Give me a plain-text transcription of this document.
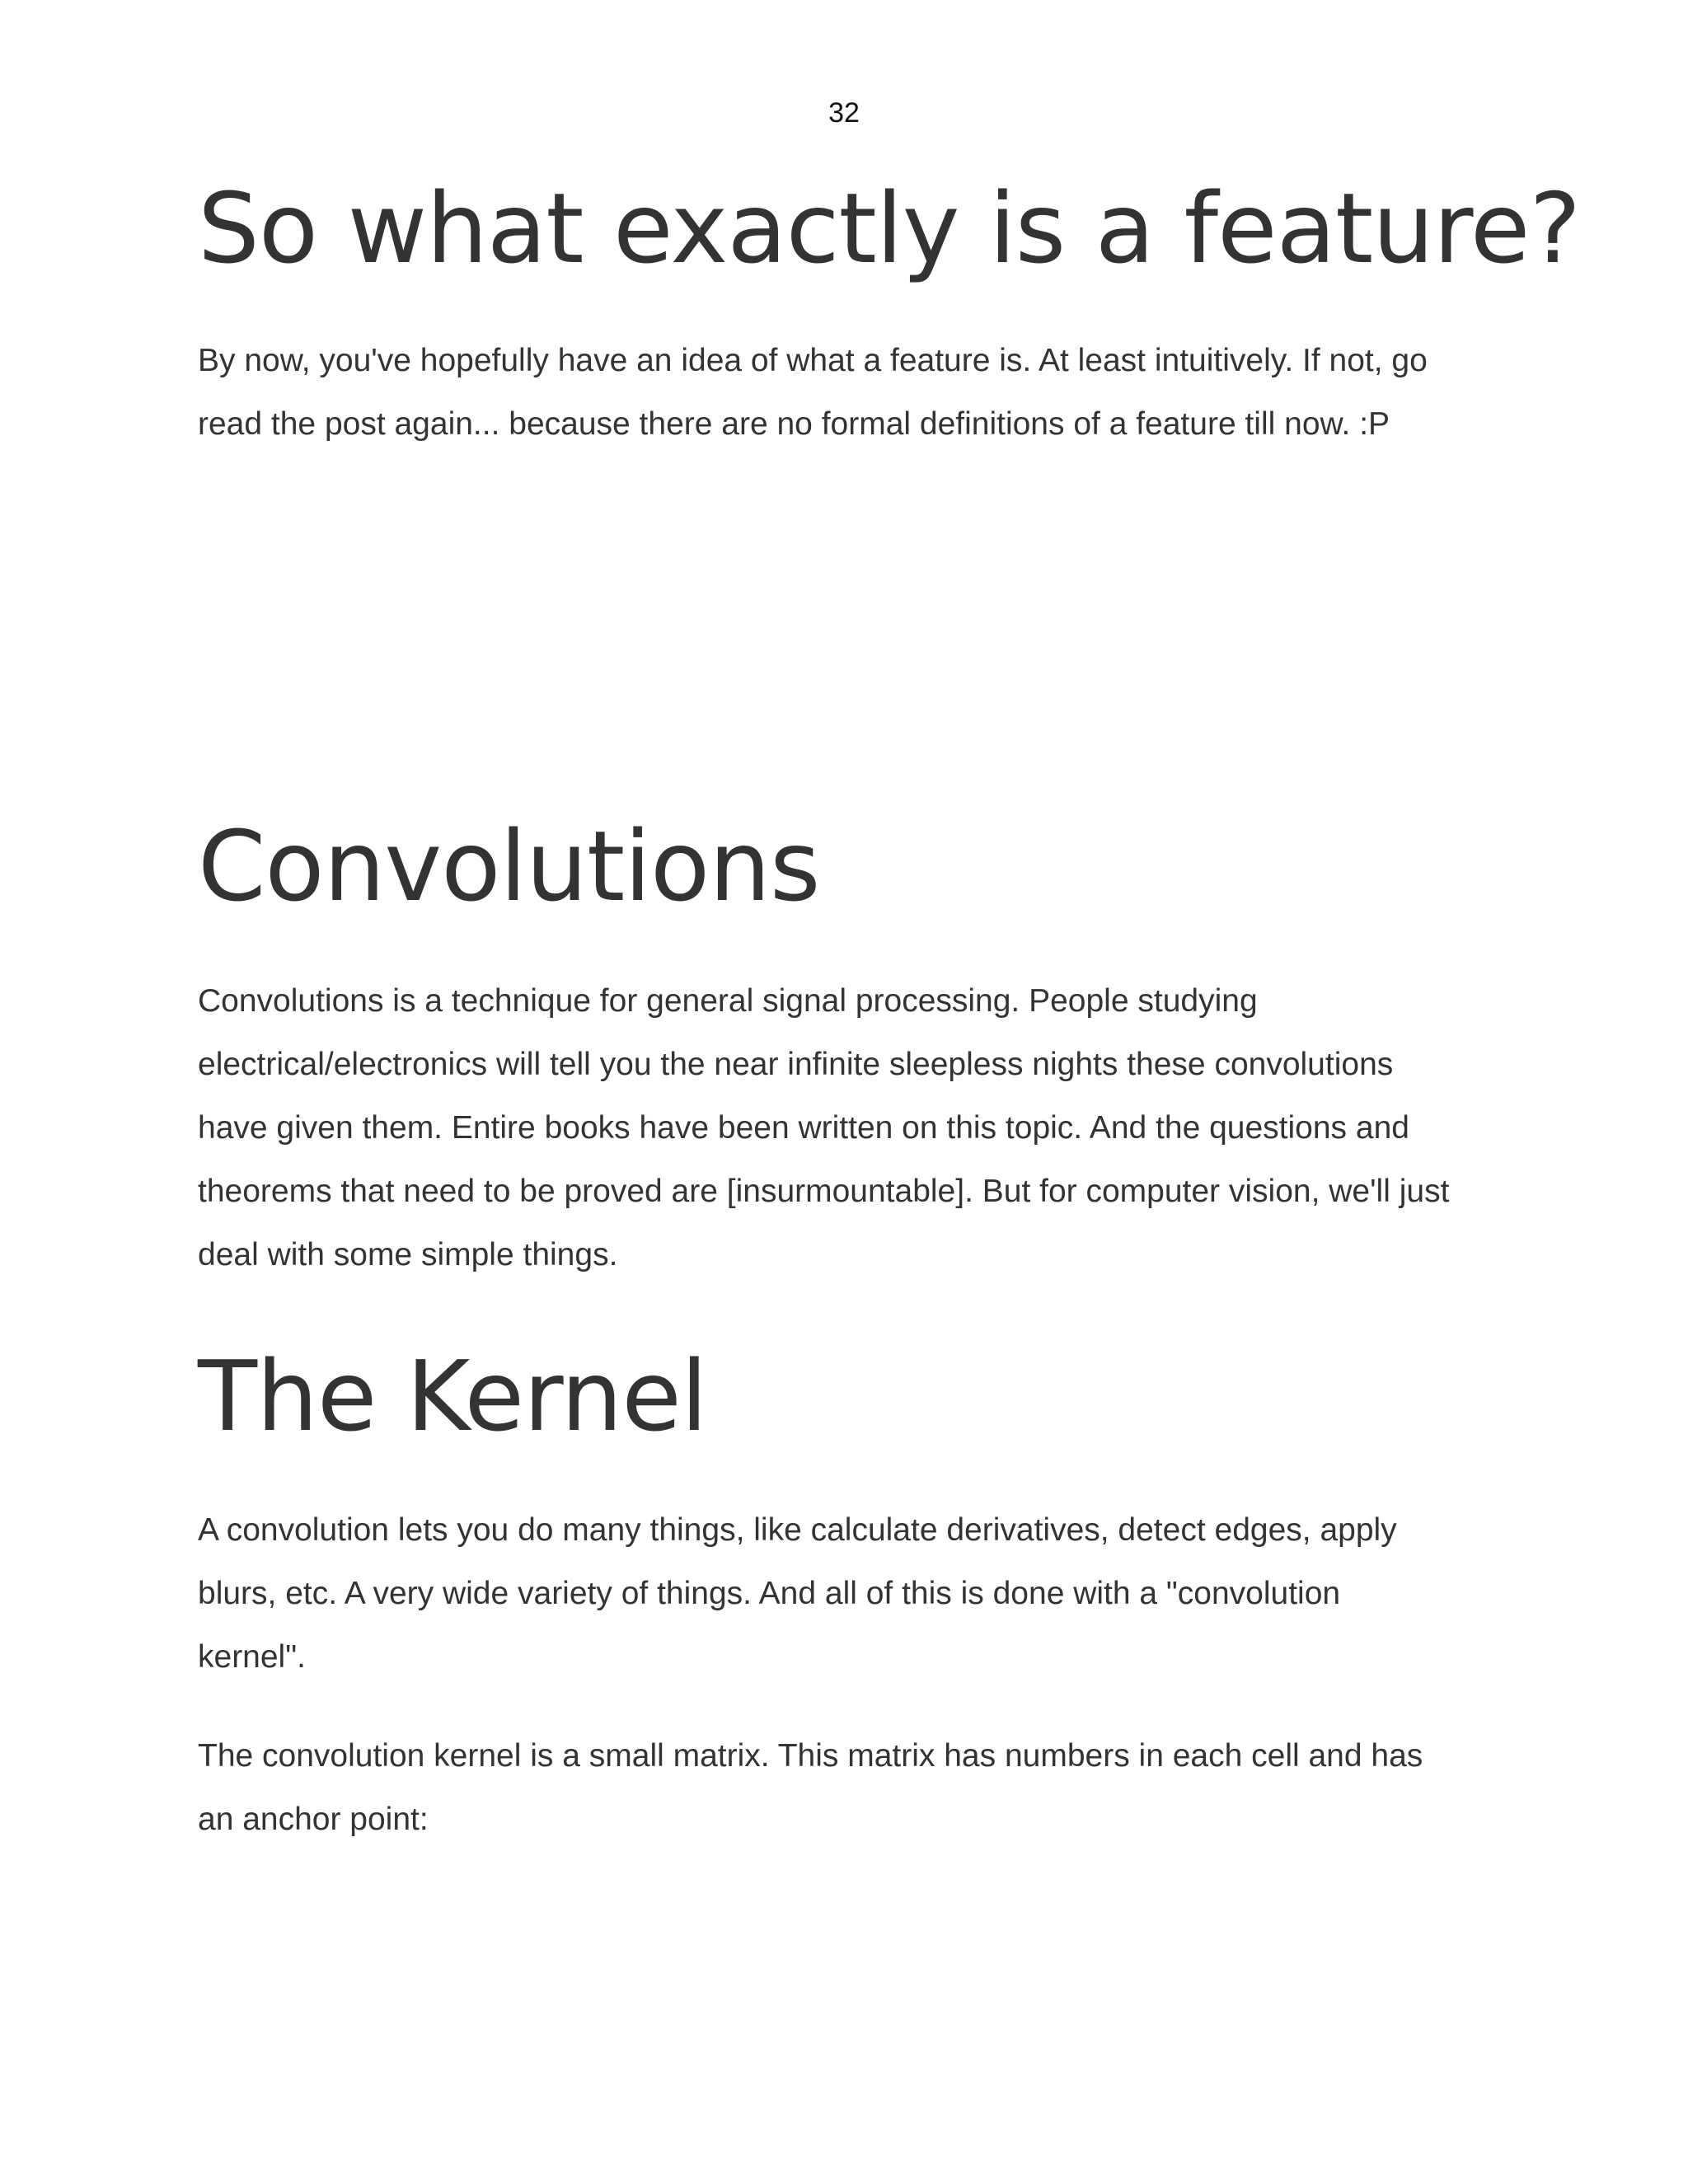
32
So what exactly is a feature?

By now, you've hopefully have an idea of what a feature is. At least intuitively. If not, go
read the post again... because there are no formal definitions of a feature till now. :P

Convolutions

Convolutions is a technique for general signal processing. People studying
electrical/electronics will tell you the near infinite sleepless nights these convolutions
have given them. Entire books have been written on this topic. And the questions and
theorems that need to be proved are [insurmountable]. But for computer vision, we'll just
deal with some simple things.

The Kernel

A convolution lets you do many things, like calculate derivatives, detect edges, apply
blurs, etc. A very wide variety of things. And all of this is done with a "convolution
kernel".

The convolution kernel is a small matrix. This matrix has numbers in each cell and has
an anchor point:
